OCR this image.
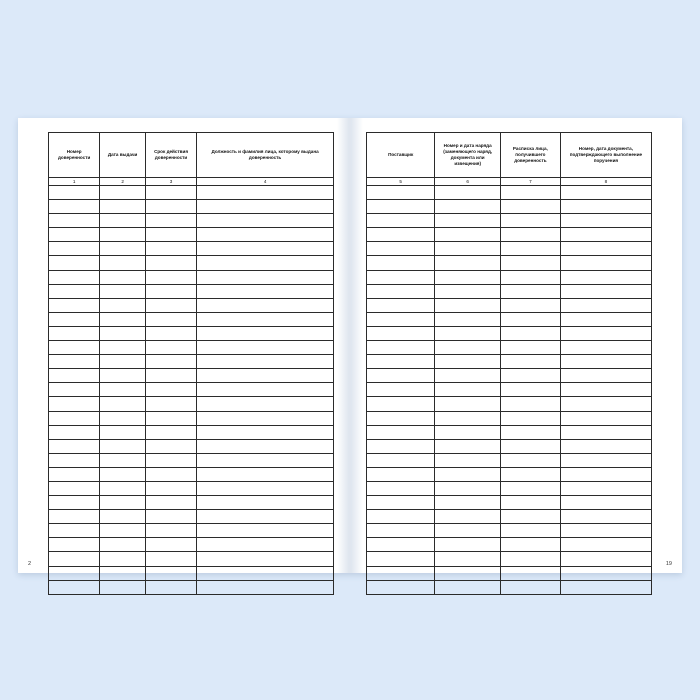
Номер доверенности	Дата выдачи	Срок действия доверенности	Должность и фамилия лица, которому выдана доверенность
1	2	3	4

2
Поставщик	Номер и дата наряда (заменяющего наряд, документа или извещения)	Расписка лица, получившего доверенность	Номер, дата документа, подтверждающего выполнение поручения
5	6	7	8

19
